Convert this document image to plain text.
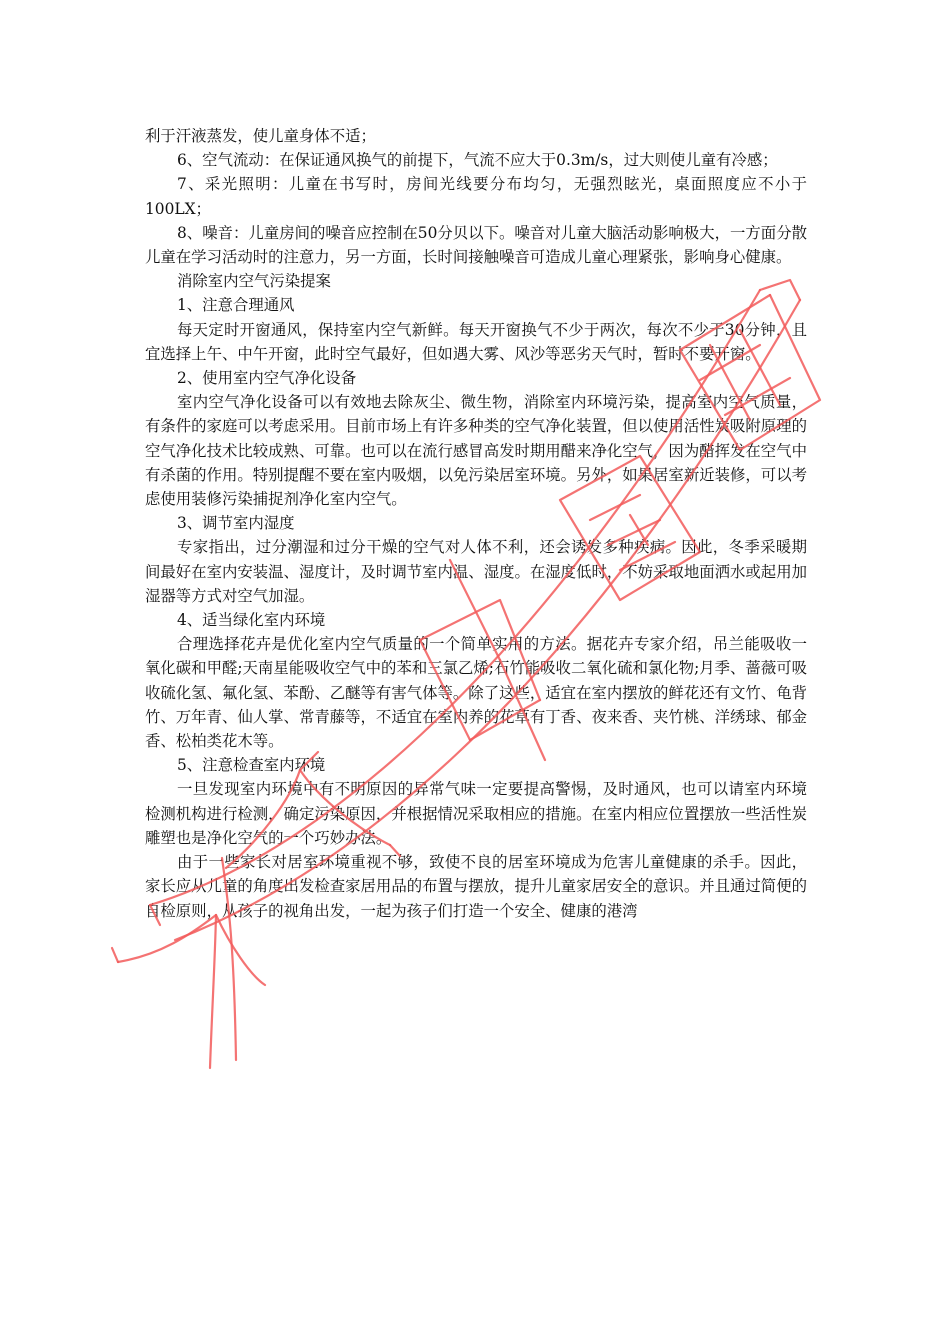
利于汗液蒸发，使儿童身体不适；

6、空气流动：在保证通风换气的前提下，气流不应大于0.3m/s，过大则使儿童有冷感；

7、采光照明：儿童在书写时，房间光线要分布均匀，无强烈眩光，桌面照度应不小于100LX；

8、噪音：儿童房间的噪音应控制在50分贝以下。噪音对儿童大脑活动影响极大，一方面分散儿童在学习活动时的注意力，另一方面，长时间接触噪音可造成儿童心理紧张，影响身心健康。

消除室内空气污染提案

1、注意合理通风

每天定时开窗通风，保持室内空气新鲜。每天开窗换气不少于两次，每次不少于30分钟，且宜选择上午、中午开窗，此时空气最好，但如遇大雾、风沙等恶劣天气时，暂时不要开窗。

2、使用室内空气净化设备

室内空气净化设备可以有效地去除灰尘、微生物，消除室内环境污染，提高室内空气质量，有条件的家庭可以考虑采用。目前市场上有许多种类的空气净化装置，但以使用活性炭吸附原理的空气净化技术比较成熟、可靠。也可以在流行感冒高发时期用醋来净化空气，因为醋挥发在空气中有杀菌的作用。特别提醒不要在室内吸烟，以免污染居室环境。另外，如果居室新近装修，可以考虑使用装修污染捕捉剂净化室内空气。

3、调节室内湿度

专家指出，过分潮湿和过分干燥的空气对人体不利，还会诱发多种疾病。因此，冬季采暖期间最好在室内安装温、湿度计，及时调节室内温、湿度。在湿度低时，不妨采取地面洒水或起用加湿器等方式对空气加湿。

4、适当绿化室内环境

合理选择花卉是优化室内空气质量的一个简单实用的方法。据花卉专家介绍，吊兰能吸收一氧化碳和甲醛;天南星能吸收空气中的苯和三氯乙烯;石竹能吸收二氧化硫和氯化物;月季、蔷薇可吸收硫化氢、氟化氢、苯酚、乙醚等有害气体等。除了这些，适宜在室内摆放的鲜花还有文竹、龟背竹、万年青、仙人掌、常青藤等，不适宜在室内养的花草有丁香、夜来香、夹竹桃、洋绣球、郁金香、松柏类花木等。

5、注意检查室内环境

一旦发现室内环境中有不明原因的异常气味一定要提高警惕，及时通风，也可以请室内环境检测机构进行检测，确定污染原因，并根据情况采取相应的措施。在室内相应位置摆放一些活性炭雕塑也是净化空气的一个巧妙办法。

由于一些家长对居室环境重视不够，致使不良的居室环境成为危害儿童健康的杀手。因此，家长应从儿童的角度出发检查家居用品的布置与摆放，提升儿童家居安全的意识。并且通过简便的自检原则，从孩子的视角出发，一起为孩子们打造一个安全、健康的港湾
